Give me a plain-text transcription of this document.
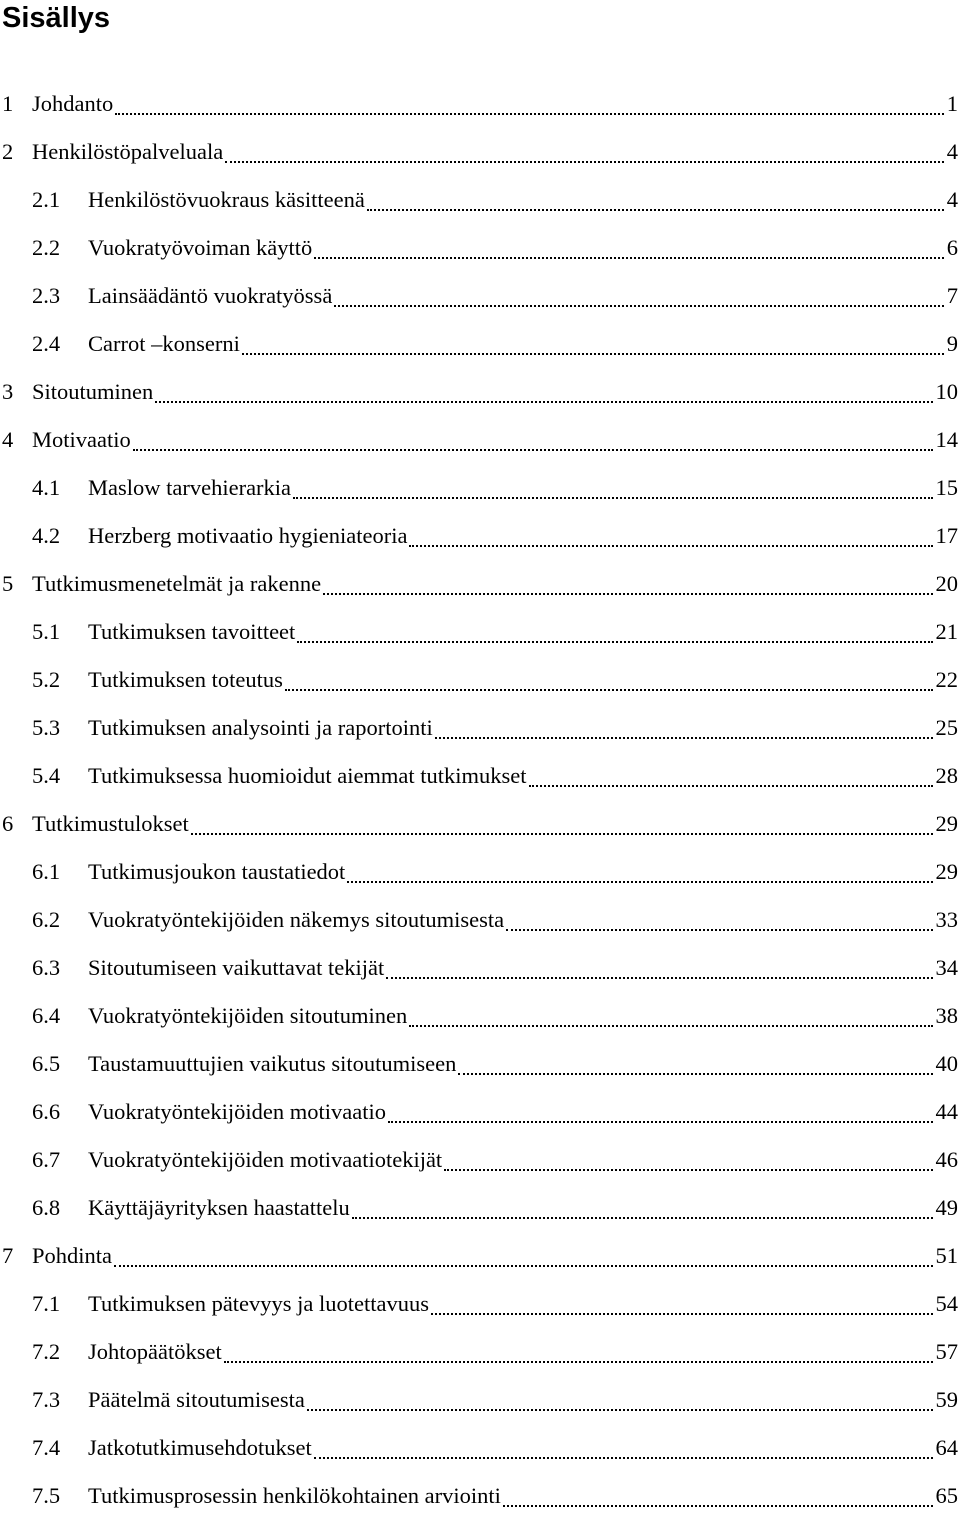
Sisällys
1 Johdanto	1
2 Henkilöstöpalveluala	4
2.1	Henkilöstövuokraus käsitteenä	4
2.2	Vuokratyövoiman käyttö	6
2.3	Lainsäädäntö vuokratyössä	7
2.4	Carrot –konserni	9
3 Sitoutuminen	10
4 Motivaatio	14
4.1	Maslow tarvehierarkia	15
4.2	Herzberg motivaatio hygieniateoria	17
5 Tutkimusmenetelmät ja rakenne	20
5.1	Tutkimuksen tavoitteet	21
5.2	Tutkimuksen toteutus	22
5.3	Tutkimuksen analysointi ja raportointi	25
5.4	Tutkimuksessa huomioidut aiemmat tutkimukset	28
6 Tutkimustulokset	29
6.1	Tutkimusjoukon taustatiedot	29
6.2	Vuokratyöntekijöiden näkemys sitoutumisesta	33
6.3	Sitoutumiseen vaikuttavat tekijät	34
6.4	Vuokratyöntekijöiden sitoutuminen	38
6.5	Taustamuuttujien vaikutus sitoutumiseen	40
6.6	Vuokratyöntekijöiden motivaatio	44
6.7	Vuokratyöntekijöiden motivaatiotekijät	46
6.8	Käyttäjäyrityksen haastattelu	49
7 Pohdinta	51
7.1	Tutkimuksen pätevyys ja luotettavuus	54
7.2	Johtopäätökset	57
7.3	Päätelmä sitoutumisesta	59
7.4	Jatkotutkimusehdotukset	64
7.5	Tutkimusprosessin henkilökohtainen arviointi	65
